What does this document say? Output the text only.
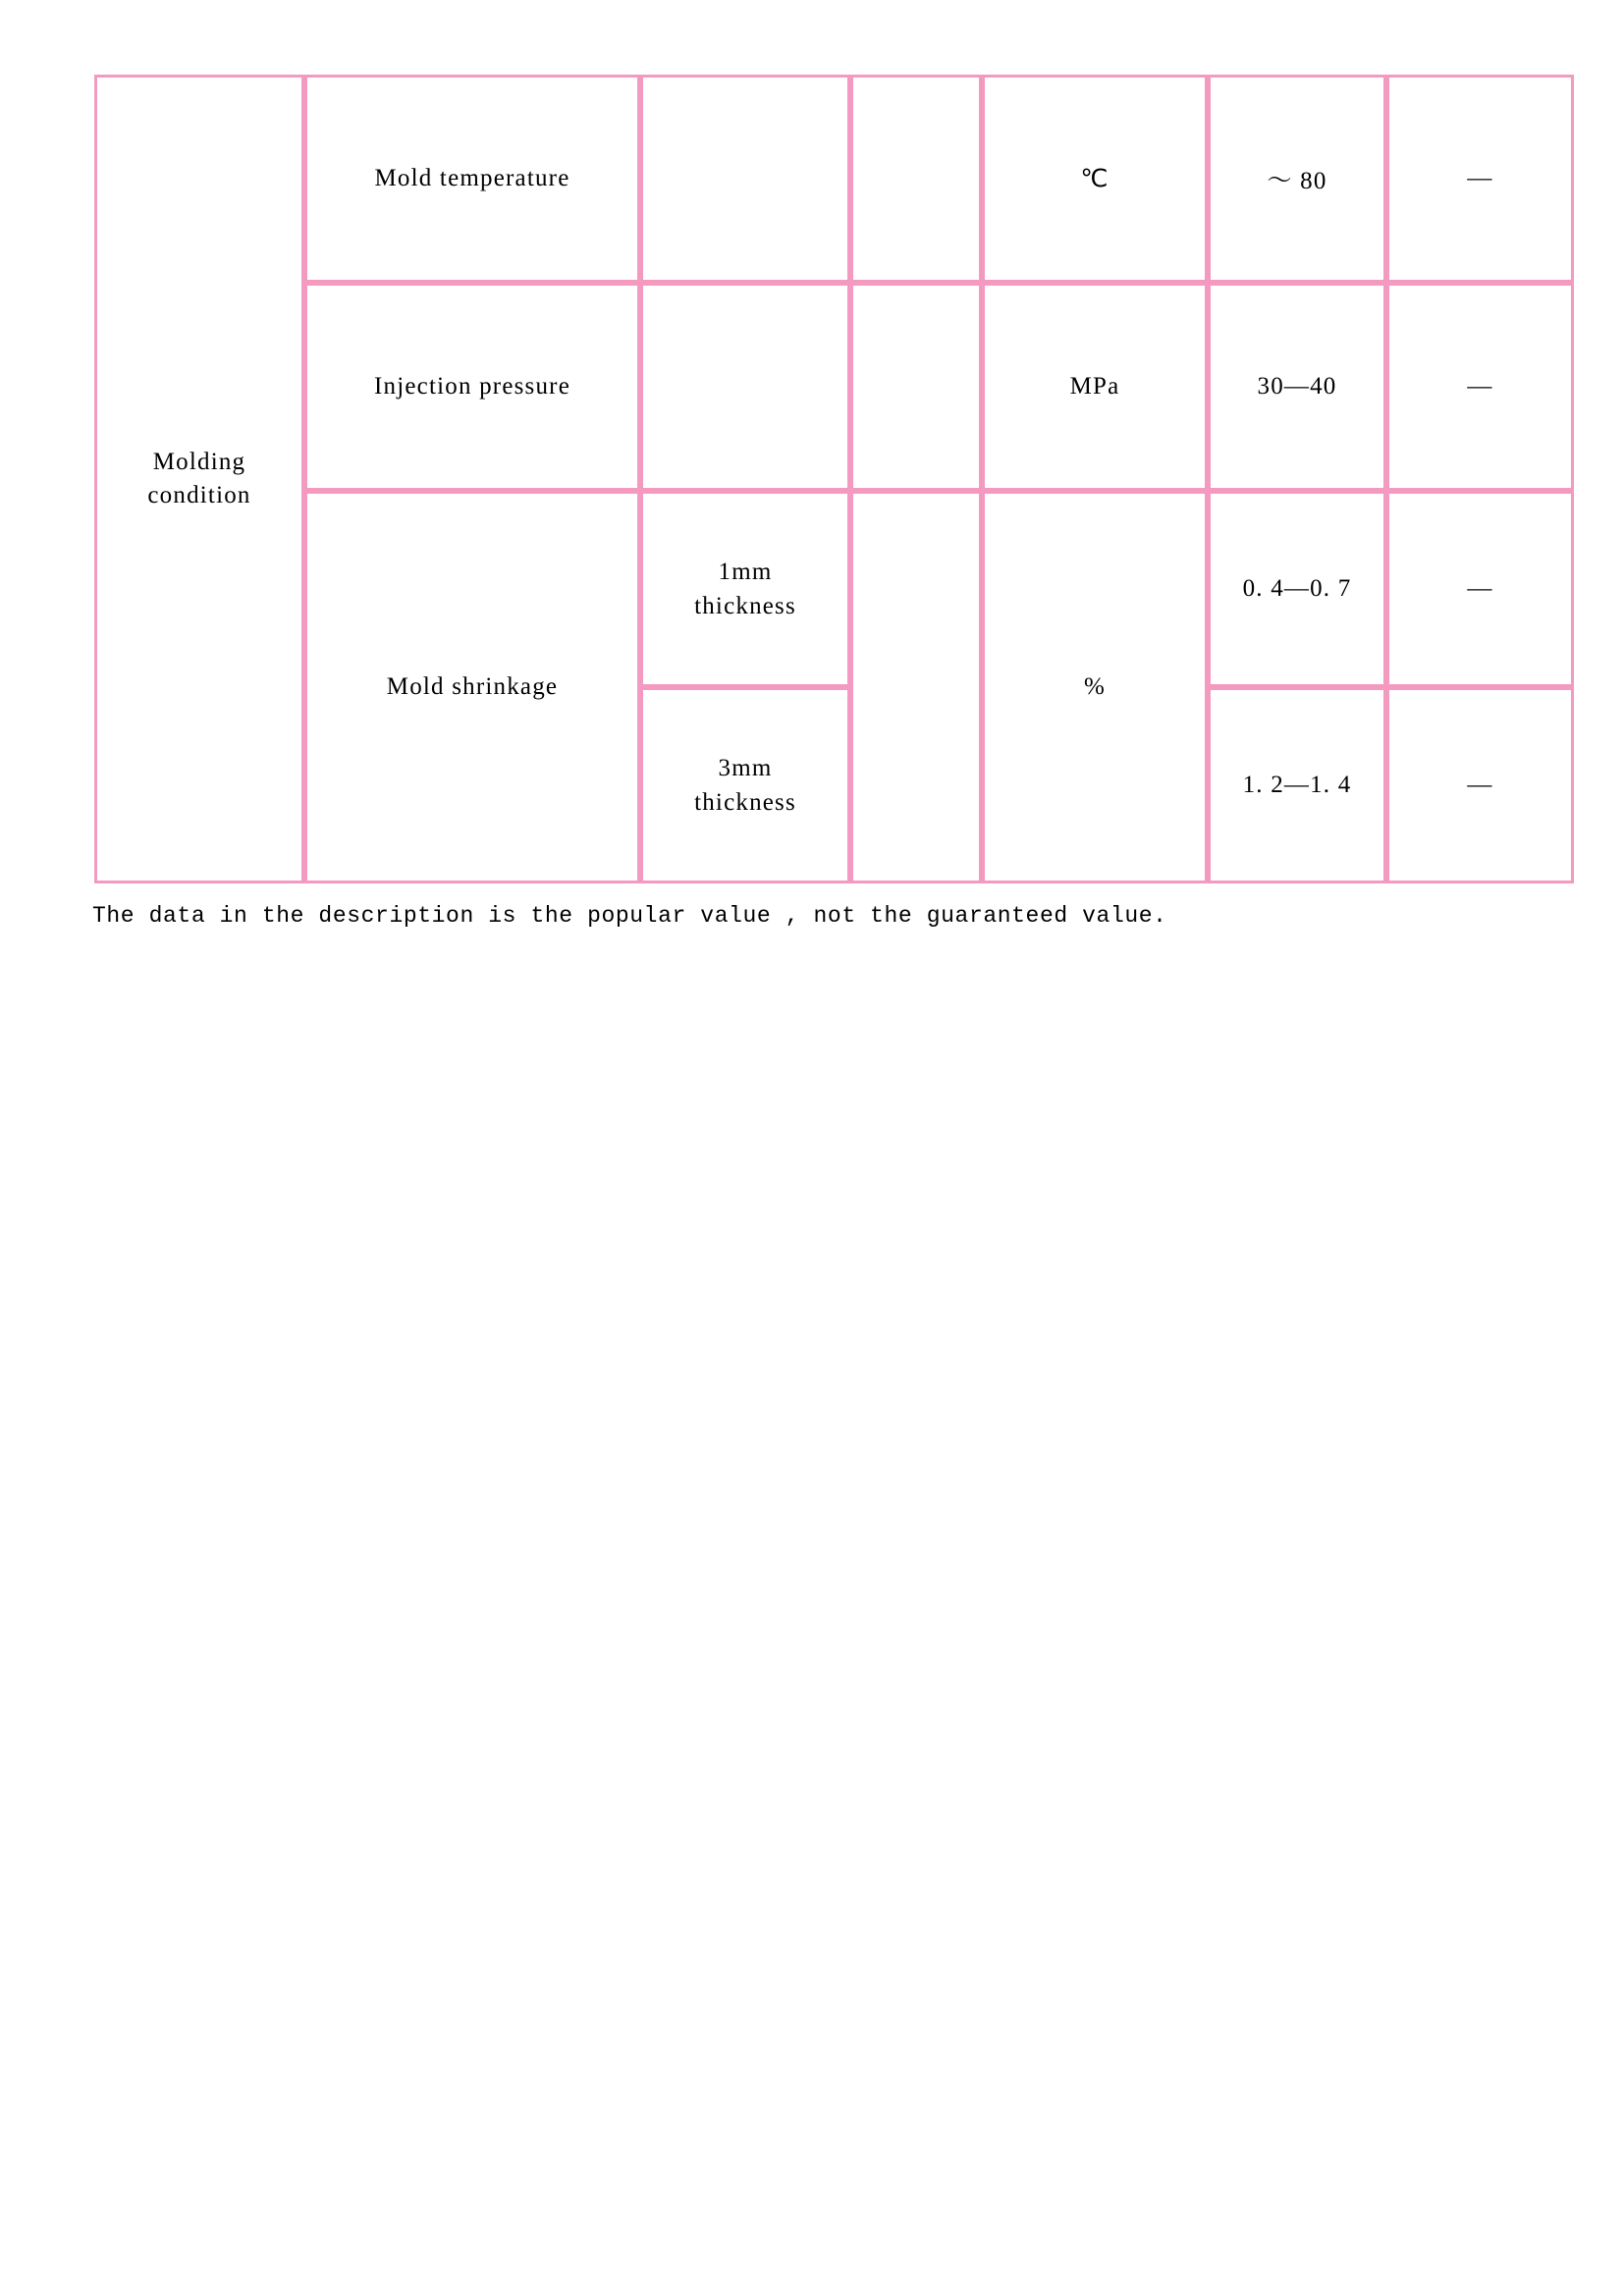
Molding
condition	Mold temperature			℃	～ 80	—
	Injection pressure			MPa	30—40	—
	Mold shrinkage	1mm
thickness		%	0. 4—0. 7	—

		3mm
thickness			1. 2—1. 4	—
The data in the description is the popular value , not the guaranteed value.
